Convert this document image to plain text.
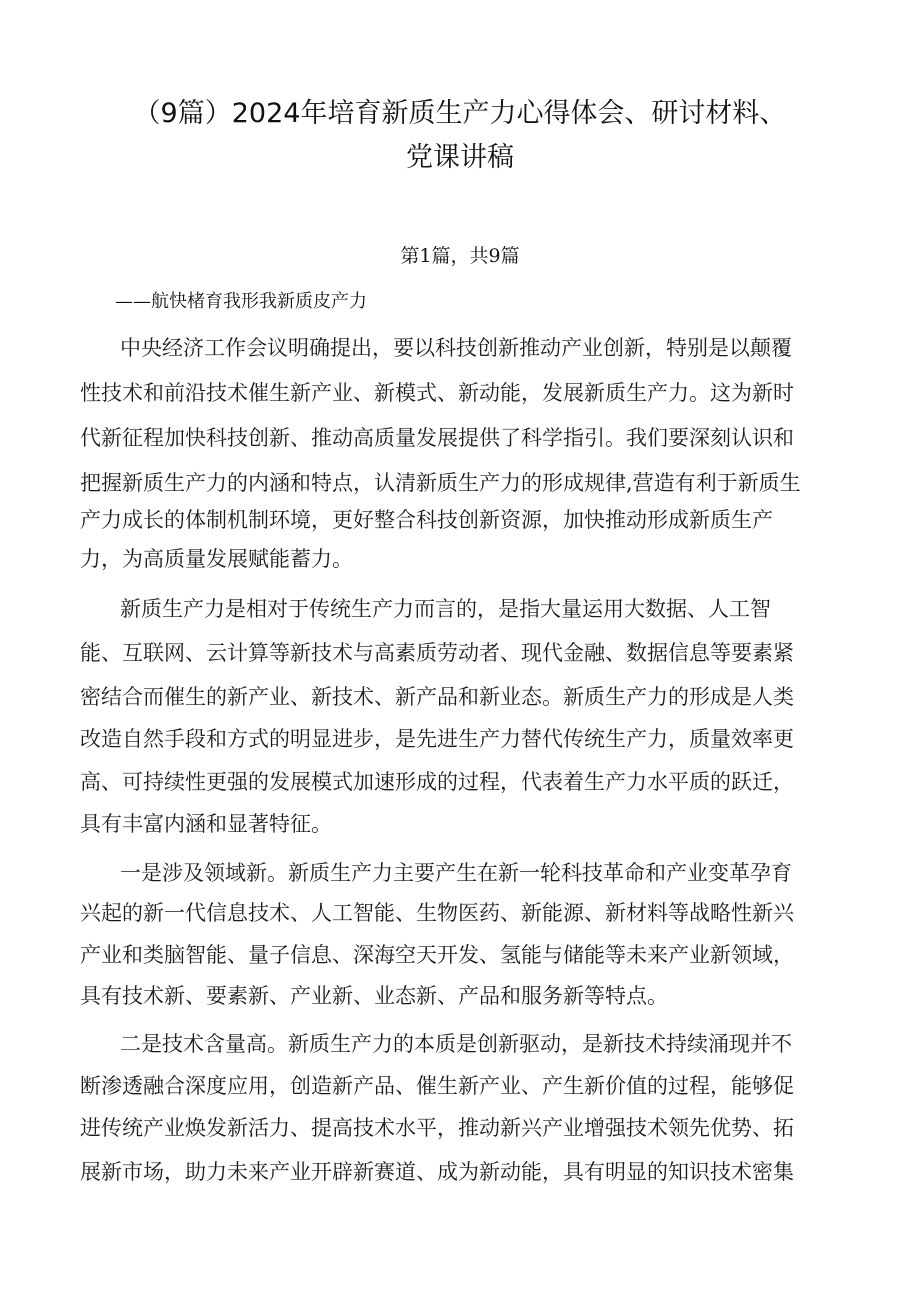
（9篇）2024年培育新质生产力心得体会、研讨材料、
党课讲稿
第1篇，共9篇
——航快楮育我形我新质皮产力
中央经济工作会议明确提出，要以科技创新推动产业创新，特别是以颠覆
性技术和前沿技术催生新产业、新模式、新动能，发展新质生产力。这为新时
代新征程加快科技创新、推动高质量发展提供了科学指引。我们要深刻认识和
把握新质生产力的内涵和特点，认清新质生产力的形成规律,营造有利于新质生
产力成长的体制机制环境，更好整合科技创新资源，加快推动形成新质生产
力，为高质量发展赋能蓄力。
新质生产力是相对于传统生产力而言的，是指大量运用大数据、人工智
能、互联网、云计算等新技术与高素质劳动者、现代金融、数据信息等要素紧
密结合而催生的新产业、新技术、新产品和新业态。新质生产力的形成是人类
改造自然手段和方式的明显进步，是先进生产力替代传统生产力，质量效率更
高、可持续性更强的发展模式加速形成的过程，代表着生产力水平质的跃迁，
具有丰富内涵和显著特征。
一是涉及领域新。新质生产力主要产生在新一轮科技革命和产业变革孕育
兴起的新一代信息技术、人工智能、生物医药、新能源、新材料等战略性新兴
产业和类脑智能、量子信息、深海空天开发、氢能与储能等未来产业新领域，
具有技术新、要素新、产业新、业态新、产品和服务新等特点。
二是技术含量高。新质生产力的本质是创新驱动，是新技术持续涌现并不
断渗透融合深度应用，创造新产品、催生新产业、产生新价值的过程，能够促
进传统产业焕发新活力、提高技术水平，推动新兴产业增强技术领先优势、拓
展新市场，助力未来产业开辟新赛道、成为新动能，具有明显的知识技术密集
